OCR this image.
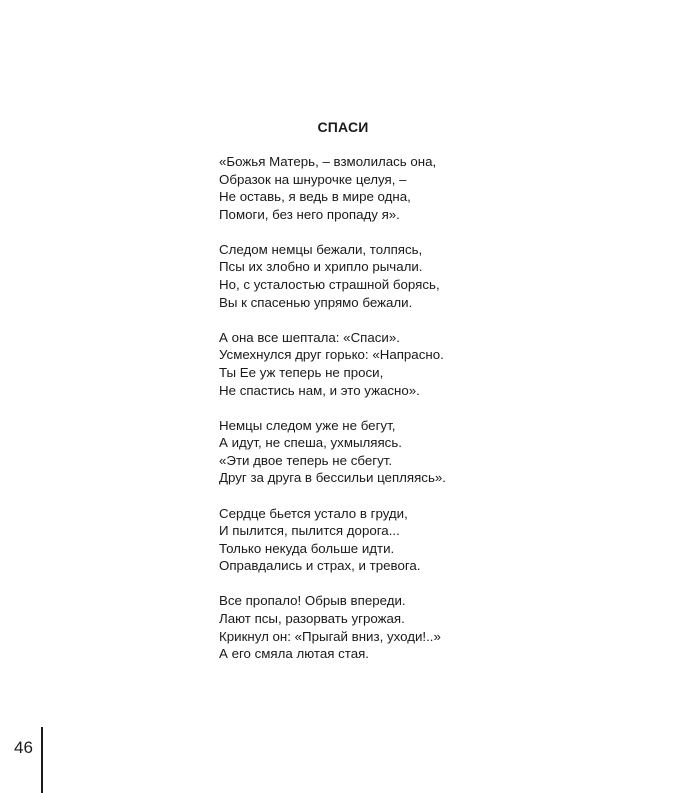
СПАСИ
«Божья Матерь, – взмолилась она,
Образок на шнурочке целуя, –
Не оставь, я ведь в мире одна,
Помоги, без него пропаду я».
Следом немцы бежали, толпясь,
Псы их злобно и хрипло рычали.
Но, с усталостью страшной борясь,
Вы к спасенью упрямо бежали.
А она все шептала: «Спаси».
Усмехнулся друг горько: «Напрасно.
Ты Ее уж теперь не проси,
Не спастись нам, и это ужасно».
Немцы следом уже не бегут,
А идут, не спеша, ухмыляясь.
«Эти двое теперь не сбегут.
Друг за друга в бессильи цепляясь».
Сердце бьется устало в груди,
И пылится, пылится дорога...
Только некуда больше идти.
Оправдались и страх, и тревога.
Все пропало! Обрыв впереди.
Лают псы, разорвать угрожая.
Крикнул он: «Прыгай вниз, уходи!..»
А его смяла лютая стая.
46
